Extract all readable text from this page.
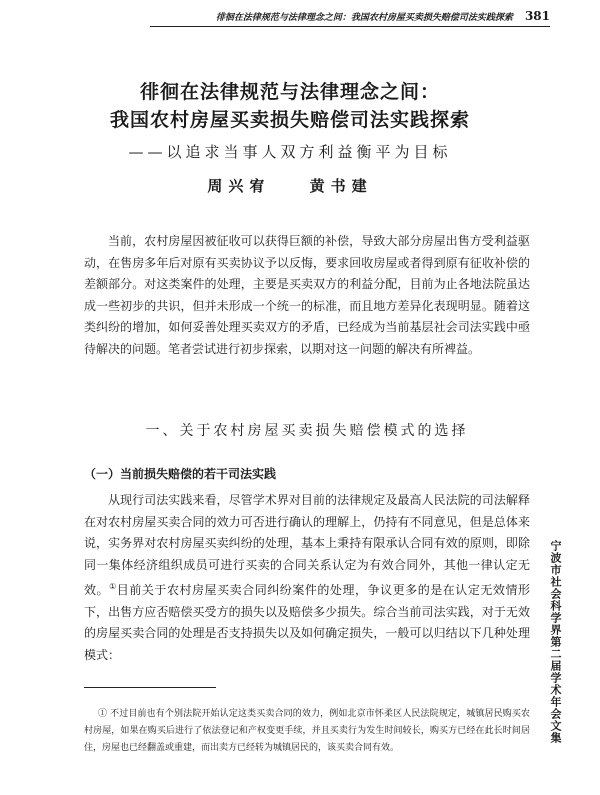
徘徊在法律规范与法律理念之间：我国农村房屋买卖损失赔偿司法实践探索 381
徘徊在法律规范与法律理念之间：
我国农村房屋买卖损失赔偿司法实践探索
——以追求当事人双方利益衡平为目标
周兴宥	黄书建

当前，农村房屋因被征收可以获得巨额的补偿，导致大部分房屋出售方受利益驱动，在售房多年后对原有买卖协议予以反悔，要求回收房屋或者得到原有征收补偿的差额部分。对这类案件的处理，主要是买卖双方的利益分配，目前为止各地法院虽达成一些初步的共识，但并未形成一个统一的标准，而且地方差异化表现明显。随着这类纠纷的增加，如何妥善处理买卖双方的矛盾，已经成为当前基层社会司法实践中亟待解决的问题。笔者尝试进行初步探索，以期对这一问题的解决有所裨益。

一、关于农村房屋买卖损失赔偿模式的选择
（一）当前损失赔偿的若干司法实践

从现行司法实践来看，尽管学术界对目前的法律规定及最高人民法院的司法解释在对农村房屋买卖合同的效力可否进行确认的理解上，仍持有不同意见，但是总体来说，实务界对农村房屋买卖纠纷的处理，基本上秉持有限承认合同有效的原则，即除同一集体经济组织成员可进行买卖的合同关系认定为有效合同外，其他一律认定无效。①目前关于农村房屋买卖合同纠纷案件的处理，争议更多的是在认定无效情形下，出售方应否赔偿买受方的损失以及赔偿多少损失。综合当前司法实践，对于无效的房屋买卖合同的处理是否支持损失以及如何确定损失，一般可以归结以下几种处理模式：

① 不过目前也有个别法院开始认定这类买卖合同的效力，例如北京市怀柔区人民法院规定，城镇居民购买农村房屋，如果在购买后进行了依法登记和产权变更手续，并且买卖行为发生时间较长，购买方已经在此长时间居住，房屋也已经翻盖或重建，而出卖方已经转为城镇居民的，该买卖合同有效。

宁波市社会科学界第二届学术年会文集
